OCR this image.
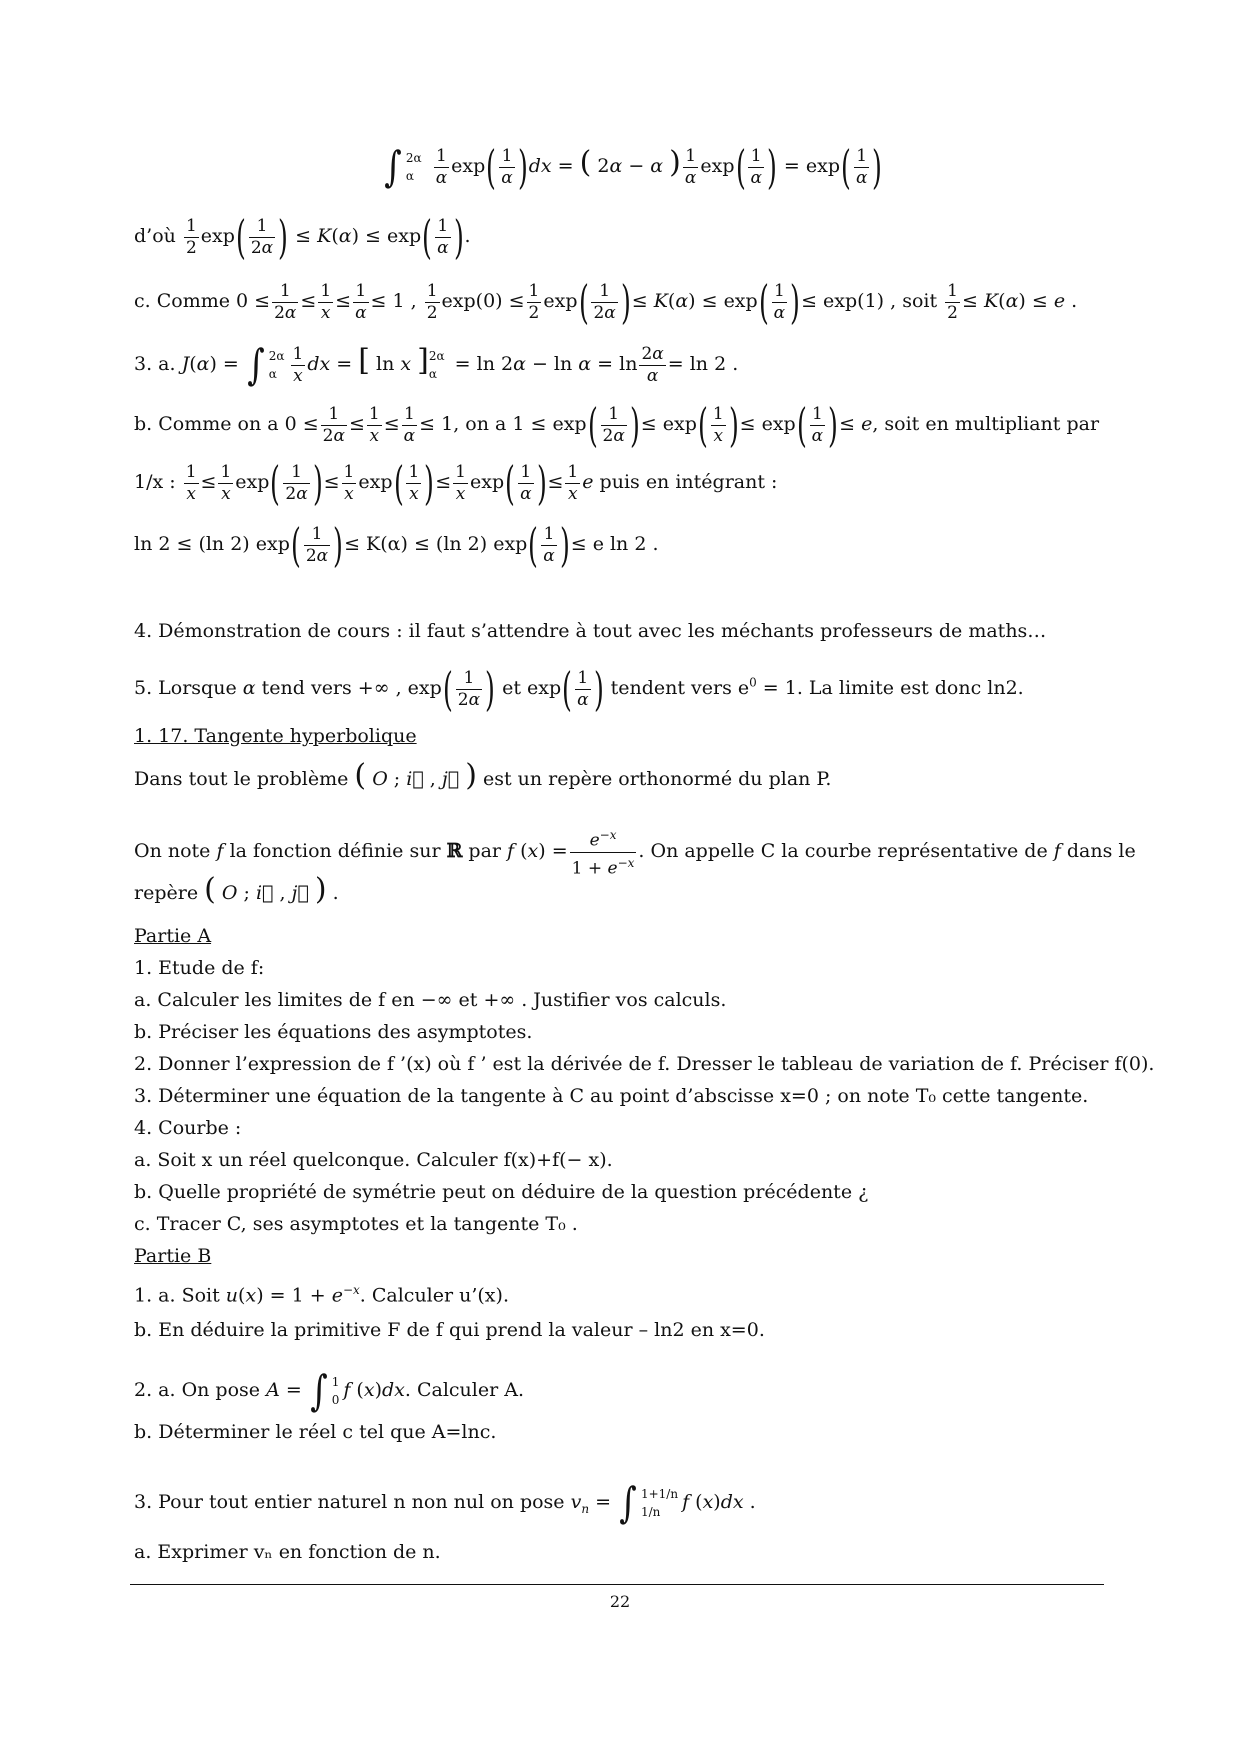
∫ 2α
α
	$\frac{1}{\alpha} \exp( \frac{1}{\alpha} )dx$ = ( 2α − α ) $\frac{1}{\alpha} \exp( \frac{1}{\alpha}$ ) = $\exp( \frac{1}{\alpha}$ )
d’où $\frac{1}{2} \exp( \frac{1}{2\alpha}$ ) ≤ $K(\alpha) \le \exp( \frac{1}{\alpha}$ ).
c. Comme $0 \le \frac{1}{2\alpha} \le \frac{1}{x} \le \frac{1}{\alpha} \le 1$ , $\frac{1}{2} \exp(0) \le \frac{1}{2} \exp( \frac{1}{2\alpha}$ )≤ $K(\alpha) \le \exp( \frac{1}{\alpha}$ )≤ exp(1) , soit $\frac{1}{2} \le K(\alpha) \le e$ .
3. a. J(α) = ∫ 2α
α $\frac{1}{x}$ dx = [ ln x ] 2α
$\alpha = \ln 2\alpha - \ln \alpha = \ln \frac{2\alpha}{\alpha} = \ln 2$ .
b. Comme on a $0 \le \frac{1}{2\alpha} \le \frac{1}{x} \le \frac{1}{\alpha} \le 1$, on a $1 \le \exp( \frac{1}{2\alpha}$ )≤ $\exp( \frac{1}{x}$ )≤ $\exp( \frac{1}{\alpha}$ )≤ e, soit en multipliant par
1/x : $\frac{1}{x} \le \frac{1}{x} \exp( \frac{1}{2\alpha}$ )≤ $\frac{1}{x} \exp( \frac{1}{x}$ )≤ $\frac{1}{x} \exp( \frac{1}{\alpha}$ )≤ $\frac{1}{x}$ e puis en intégrant :
ln 2 ≤ (ln 2) $\exp( \frac{1}{2\alpha}$ )≤ K(α) ≤ (ln 2) $\exp( \frac{1}{\alpha}$ )≤ e ln 2 .
4. Démonstration de cours : il faut s’attendre à tout avec les méchants professeurs de maths…
5. Lorsque α tend vers +∞ , $\exp( \frac{1}{2\alpha}$ ) et $\exp( \frac{1}{\alpha}$ ) tendent vers $e^0 = 1$. La limite est donc ln2.
1. 17. Tangente hyperbolique
Dans tout le problème ( O ; i⃗ , j⃗ ) est un repère orthonormé du plan P.
On note f la fonction définie sur ℝ par f $(x) = \frac{e^{-x}}{1 + e^{-x}}$ . On appelle C la courbe représentative de f dans le
repère ( O ; i⃗ , j⃗ ) .
Partie A
1. Etude de f:
a. Calculer les limites de f en −∞ et +∞ . Justifier vos calculs.
b. Préciser les équations des asymptotes.
2. Donner l’expression de f ’(x) où f ’ est la dérivée de f. Dresser le tableau de variation de f. Préciser f(0).
3. Déterminer une équation de la tangente à C au point d’abscisse x=0 ; on note T₀ cette tangente.
4. Courbe :
a. Soit x un réel quelconque. Calculer f(x)+f(− x).
b. Quelle propriété de symétrie peut on déduire de la question précédente ¿
c. Tracer C, ses asymptotes et la tangente T₀ .
Partie B
1. a. Soit $u(x) = 1 + e^{-x}$. Calculer u’(x).
b. En déduire la primitive F de f qui prend la valeur – ln2 en x=0.
2. a. On pose A = ∫ 1
0 f (x)dx. Calculer A.
b. Déterminer le réel c tel que A=lnc.
3. Pour tout entier naturel n non nul on pose $v_n$ = ∫ 1+1/n
1/n	f (x)dx .
a. Exprimer vₙ en fonction de n.
22
